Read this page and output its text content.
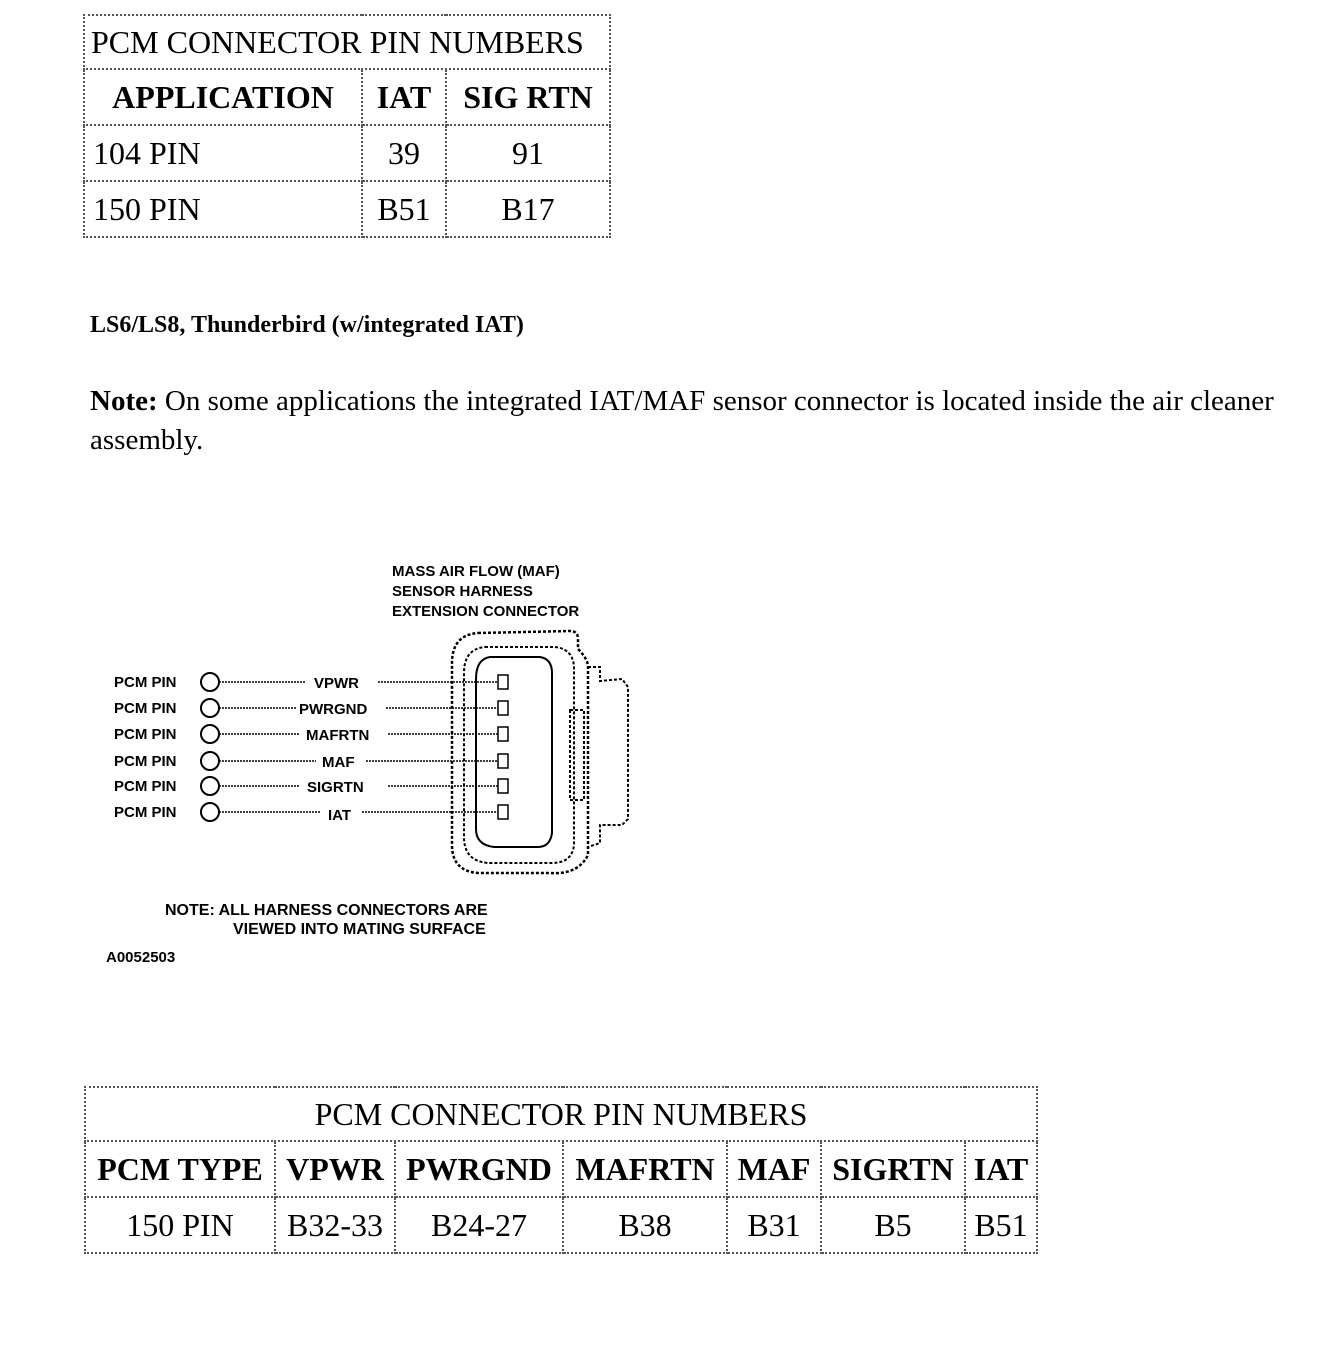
PCM CONNECTOR PIN NUMBERS		
APPLICATION	IAT	SIG RTN
104 PIN	39	91
150 PIN	B51	B17
LS6/LS8, Thunderbird (w/integrated IAT)
Note: On some applications the integrated IAT/MAF sensor connector is located inside the air cleaner assembly.
MASS AIR FLOW (MAF)
SENSOR HARNESS
EXTENSION CONNECTOR
PCM PIN	VPWR
PCM PIN	PWRGND
PCM PIN	MAFRTN
PCM PIN	MAF
PCM PIN	SIGRTN
PCM PIN	IAT
NOTE: ALL HARNESS CONNECTORS ARE
VIEWED INTO MATING SURFACE
A0052503
PCM CONNECTOR PIN NUMBERS						
PCM TYPE	VPWR	PWRGND	MAFRTN	MAF	SIGRTN	IAT
150 PIN	B32-33	B24-27	B38	B31	B5	B51
